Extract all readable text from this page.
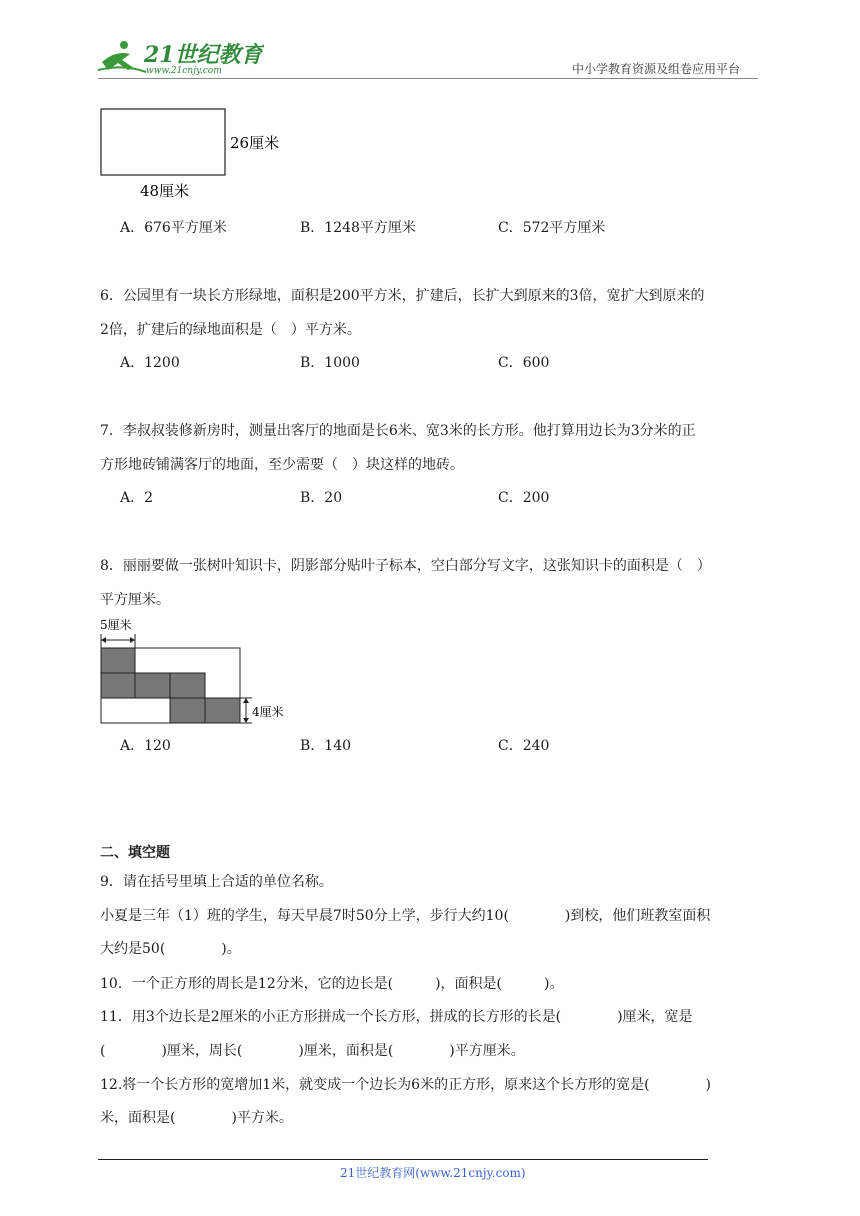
21世纪教育
www.21cnjy.com	中小学教育资源及组卷应用平台
26厘米
48厘米
A．676平方厘米	B．1248平方厘米	C．572平方厘米
6．公园里有一块长方形绿地，面积是200平方米，扩建后，长扩大到原来的3倍，宽扩大到原来的
2倍，扩建后的绿地面积是（　）平方米。
A．1200	B．1000	C．600
7．李叔叔装修新房时，测量出客厅的地面是长6米、宽3米的长方形。他打算用边长为3分米的正
方形地砖铺满客厅的地面，至少需要（　）块这样的地砖。
A．2	B．20	C．200
8．丽丽要做一张树叶知识卡，阴影部分贴叶子标本，空白部分写文字，这张知识卡的面积是（　）
平方厘米。
5厘米
4厘米
A．120	B．140	C．240
二、填空题
9．请在括号里填上合适的单位名称。
小夏是三年（1）班的学生，每天早晨7时50分上学，步行大约10(　　　　)到校，他们班教室面积
大约是50(　　　　)。
10．一个正方形的周长是12分米，它的边长是(　　　)，面积是(　　　)。
11．用3个边长是2厘米的小正方形拼成一个长方形，拼成的长方形的长是(　　　　)厘米，宽是
(　　　　)厘米，周长(　　　　)厘米，面积是(　　　　)平方厘米。
12.将一个长方形的宽增加1米，就变成一个边长为6米的正方形，原来这个长方形的宽是(　　　　)
米，面积是(　　　　)平方米。
21世纪教育网(www.21cnjy.com)
